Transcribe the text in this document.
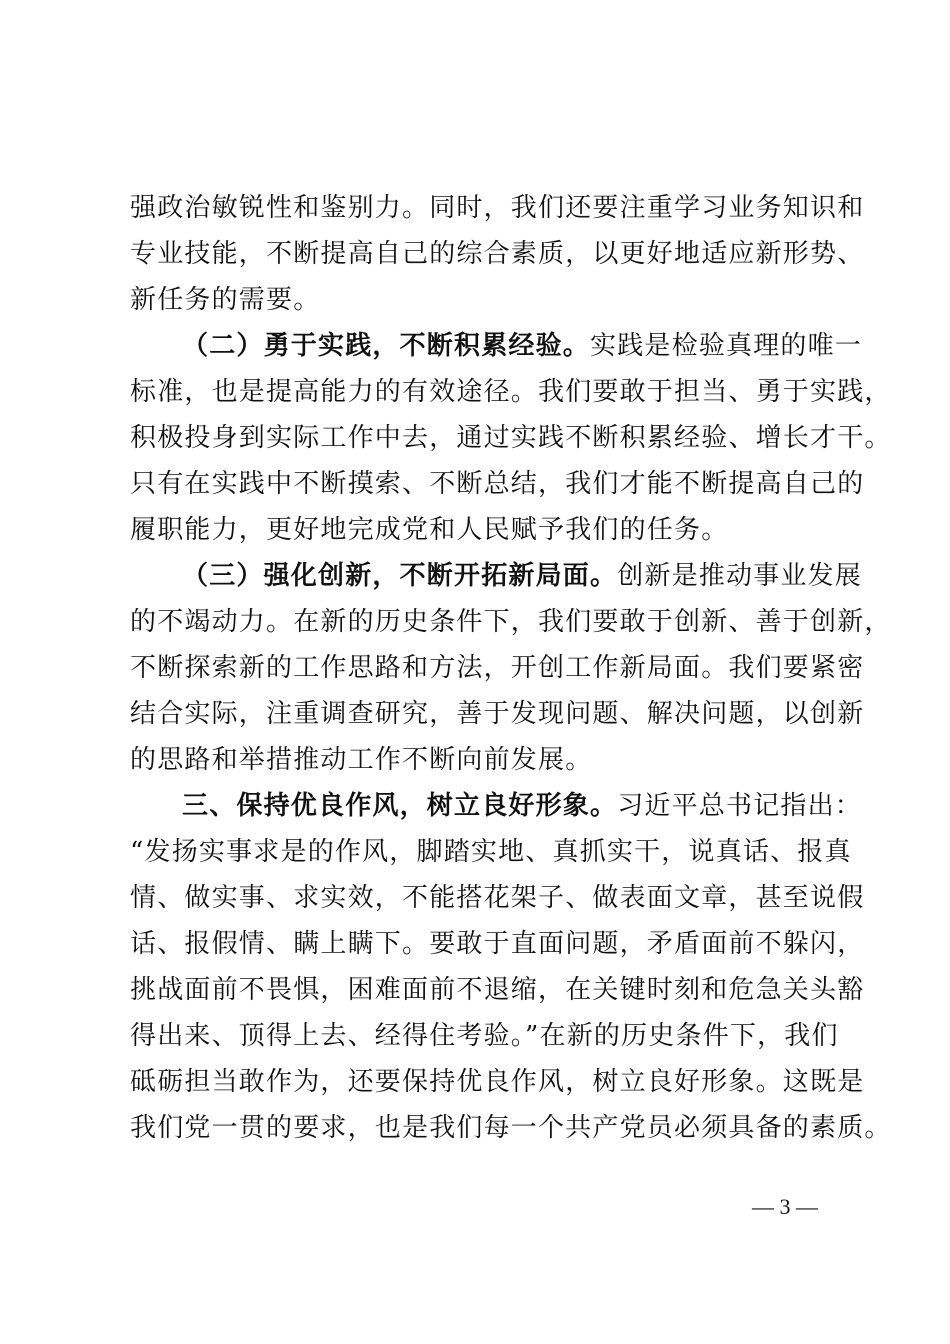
强政治敏锐性和鉴别力。同时，我们还要注重学习业务知识和
专业技能，不断提高自己的综合素质，以更好地适应新形势、
新任务的需要。
（二）勇于实践，不断积累经验。实践是检验真理的唯一
标准，也是提高能力的有效途径。我们要敢于担当、勇于实践，
积极投身到实际工作中去，通过实践不断积累经验、增长才干。
只有在实践中不断摸索、不断总结，我们才能不断提高自己的
履职能力，更好地完成党和人民赋予我们的任务。
（三）强化创新，不断开拓新局面。创新是推动事业发展
的不竭动力。在新的历史条件下，我们要敢于创新、善于创新，
不断探索新的工作思路和方法，开创工作新局面。我们要紧密
结合实际，注重调查研究，善于发现问题、解决问题，以创新
的思路和举措推动工作不断向前发展。
三、保持优良作风，树立良好形象。习近平总书记指出：
“发扬实事求是的作风，脚踏实地、真抓实干，说真话、报真
情、做实事、求实效，不能搭花架子、做表面文章，甚至说假
话、报假情、瞒上瞒下。要敢于直面问题，矛盾面前不躲闪，
挑战面前不畏惧，困难面前不退缩，在关键时刻和危急关头豁
得出来、顶得上去、经得住考验。”在新的历史条件下，我们
砥砺担当敢作为，还要保持优良作风，树立良好形象。这既是
我们党一贯的要求，也是我们每一个共产党员必须具备的素质。
— 3 —
